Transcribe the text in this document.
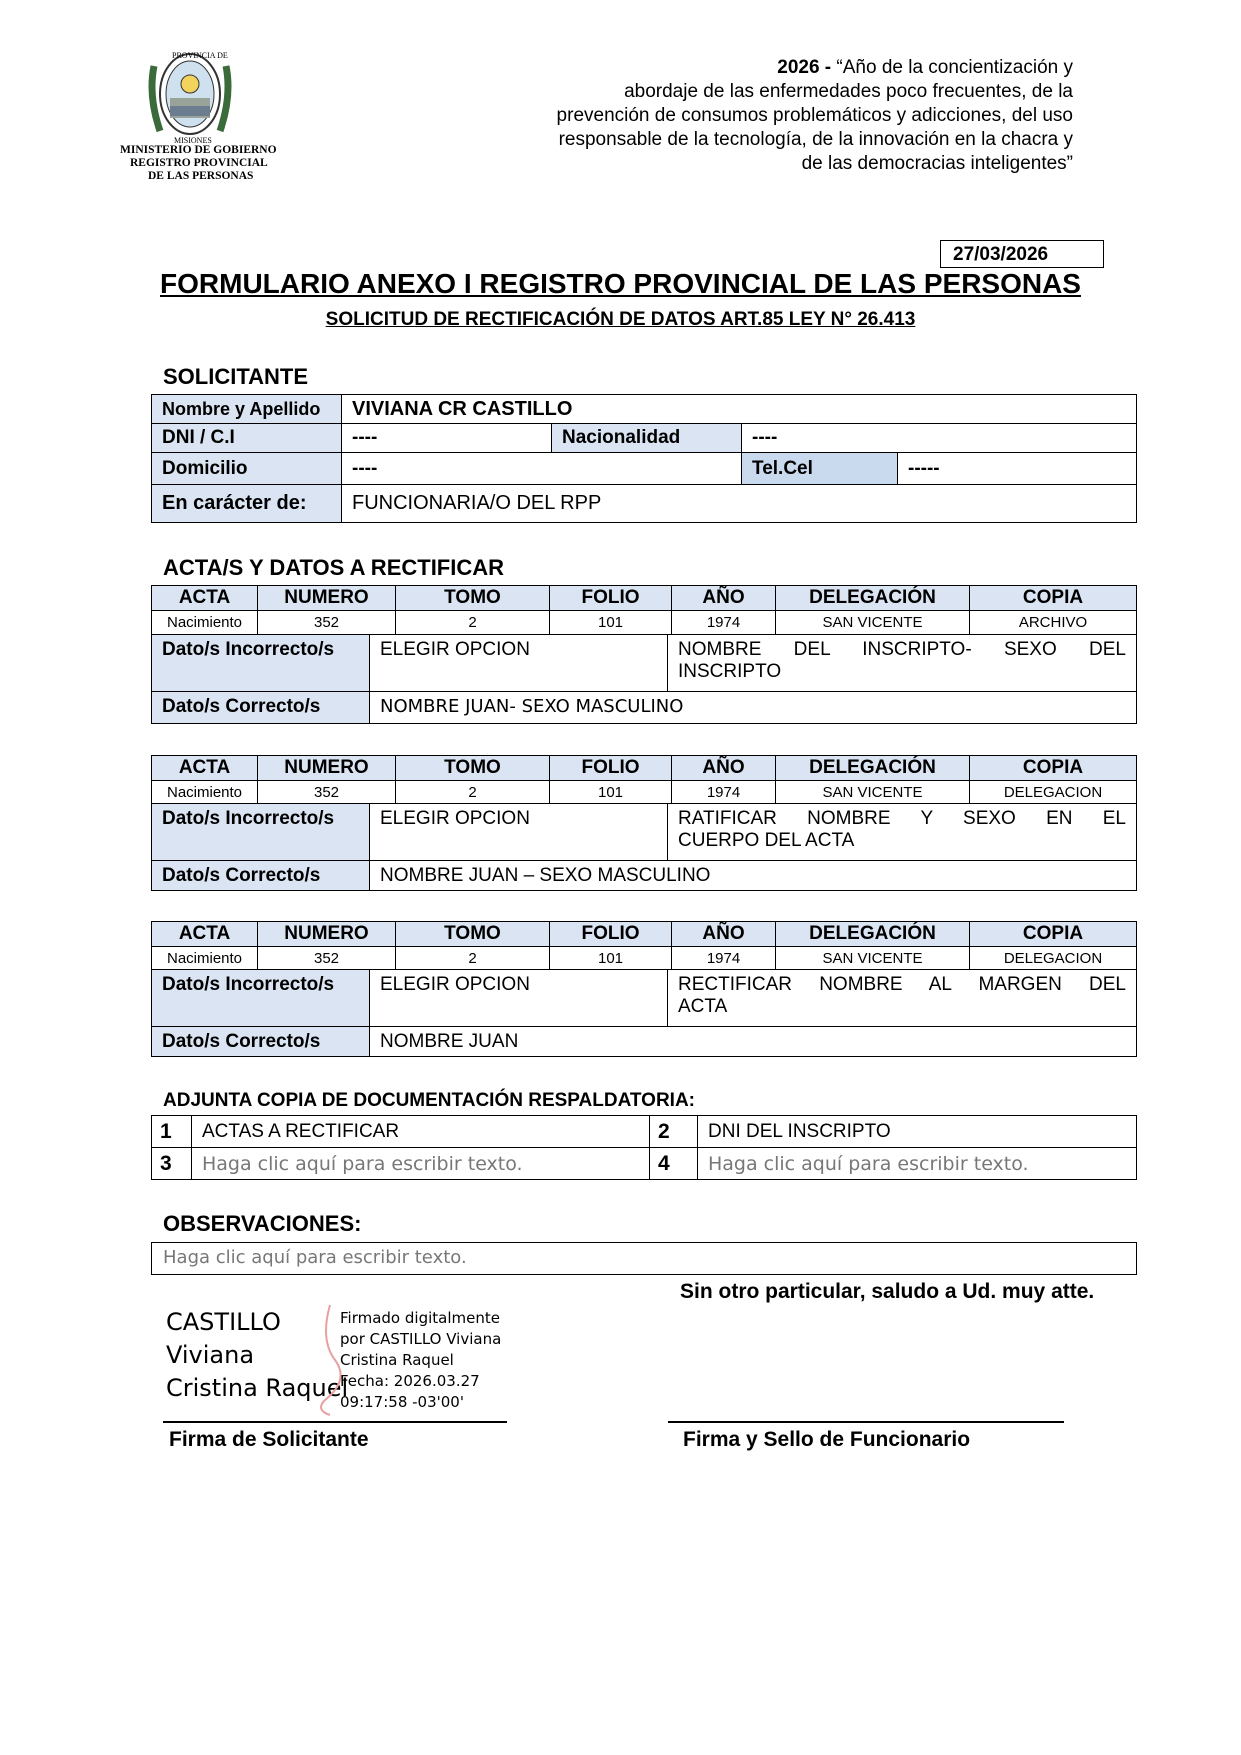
PROVINCIA DE
MISIONES
MINISTERIO DE GOBIERNO
REGISTRO PROVINCIAL
DE LAS PERSONAS
2026 - “Año de la concientización y
abordaje de las enfermedades poco frecuentes, de la
prevención de consumos problemáticos y adicciones, del uso
responsable de la tecnología, de la innovación en la chacra y
de las democracias inteligentes”
27/03/2026
FORMULARIO ANEXO I REGISTRO PROVINCIAL DE LAS PERSONAS
SOLICITUD DE RECTIFICACIÓN DE DATOS ART.85 LEY N° 26.413
SOLICITANTE
Nombre y Apellido	VIVIANA CR CASTILLO			
DNI / C.I	----	Nacionalidad	----	
Domicilio	----		Tel.Cel	-----
En carácter de:	FUNCIONARIA/O DEL RPP			
ACTA/S Y DATOS A RECTIFICAR
ACTA	NUMERO	TOMO	FOLIO	AÑO	DELEGACIÓN	COPIA
Nacimiento	352	2	101	1974	SAN VICENTE	ARCHIVO
Dato/s Incorrecto/s	ELEGIR OPCION	NOMBRE DEL INSCRIPTO- SEXO DEL
INSCRIPTO

Dato/s Correcto/s	NOMBRE JUAN- SEXO MASCULINO	
ACTA	NUMERO	TOMO	FOLIO	AÑO	DELEGACIÓN	COPIA
Nacimiento	352	2	101	1974	SAN VICENTE	DELEGACION
Dato/s Incorrecto/s	ELEGIR OPCION	RATIFICAR NOMBRE Y SEXO EN EL
CUERPO DEL ACTA

Dato/s Correcto/s	NOMBRE JUAN – SEXO MASCULINO	
ACTA	NUMERO	TOMO	FOLIO	AÑO	DELEGACIÓN	COPIA
Nacimiento	352	2	101	1974	SAN VICENTE	DELEGACION
Dato/s Incorrecto/s	ELEGIR OPCION	RECTIFICAR NOMBRE AL MARGEN DEL
ACTA

Dato/s Correcto/s	NOMBRE JUAN	
ADJUNTA COPIA DE DOCUMENTACIÓN RESPALDATORIA:
1	ACTAS A RECTIFICAR	2	DNI DEL INSCRIPTO
3	Haga clic aquí para escribir texto.	4	Haga clic aquí para escribir texto.
OBSERVACIONES:
Haga clic aquí para escribir texto.
Sin otro particular, saludo a Ud. muy atte.
CASTILLO
Viviana
Cristina Raquel
Firmado digitalmente
por CASTILLO Viviana
Cristina Raquel
Fecha: 2026.03.27
09:17:58 -03'00'
Firma de Solicitante	Firma y Sello de Funcionario
